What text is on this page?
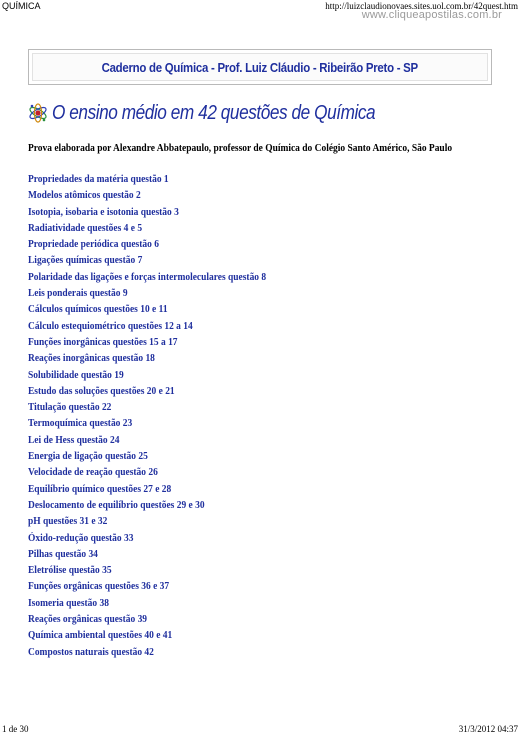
QUÍMICA	http://luizclaudionovaes.sites.uol.com.br/42quest.htm
www.cliqueapostilas.com.br
Caderno de Química - Prof. Luiz Cláudio - Ribeirão Preto - SP
O ensino médio em 42 questões de Química
Prova elaborada por Alexandre Abbatepaulo, professor de Química do Colégio Santo Américo, São Paulo
Propriedades da matéria questão 1
Modelos atômicos questão 2
Isotopia, isobaria e isotonia questão 3
Radiatividade questões 4 e 5
Propriedade periódica questão 6
Ligações químicas questão 7
Polaridade das ligações e forças intermoleculares questão 8
Leis ponderais questão 9
Cálculos químicos questões 10 e 11
Cálculo estequiométrico questões 12 a 14
Funções inorgânicas questões 15 a 17
Reações inorgânicas questão 18
Solubilidade questão 19
Estudo das soluções questões 20 e 21
Titulação questão 22
Termoquímica questão 23
Lei de Hess questão 24
Energia de ligação questão 25
Velocidade de reação questão 26
Equilíbrio químico questões 27 e 28
Deslocamento de equilíbrio questões 29 e 30
pH questões 31 e 32
Óxido-redução questão 33
Pilhas questão 34
Eletrólise questão 35
Funções orgânicas questões 36 e 37
Isomeria questão 38
Reações orgânicas questão 39
Química ambiental questões 40 e 41
Compostos naturais questão 42
1 de 30	31/3/2012 04:37
